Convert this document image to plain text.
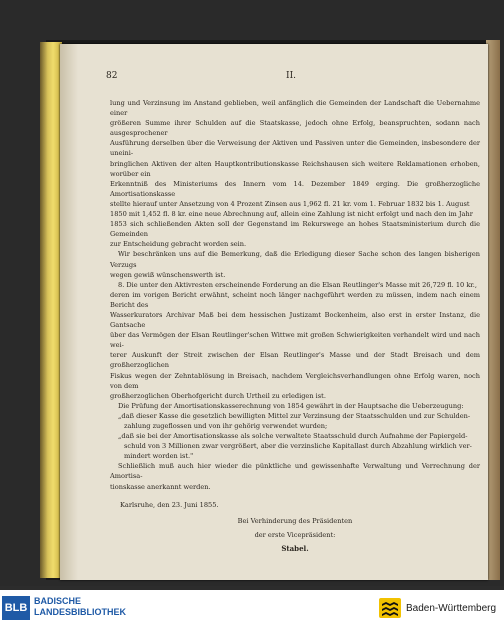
82	II.

lung und Verzinsung im Anstand geblieben, weil anfänglich die Gemeinden der Landschaft die Uebernahme einer
größeren Summe ihrer Schulden auf die Staatskasse, jedoch ohne Erfolg, beanspruchten, sodann nach ausgesprochener
Ausführung derselben über die Verweisung der Aktiven und Passiven unter die Gemeinden, insbesondere der uneini-
bringlichen Aktiven der alten Hauptkontributionskasse Reichshausen sich weitere Reklamationen erhoben, worüber ein
Erkenntniß des Ministeriums des Innern vom 14. Dezember 1849 erging. Die großherzogliche Amortisationskasse
stellte hierauf unter Ansetzung von 4 Prozent Zinsen aus 1,962 fl. 21 kr. vom 1. Februar 1832 bis 1. August
1850 mit 1,452 fl. 8 kr. eine neue Abrechnung auf, allein eine Zahlung ist nicht erfolgt und nach den im Jahr
1853 sich schließenden Akten soll der Gegenstand im Rekurswege an hohes Staatsministerium durch die Gemeinden
zur Entscheidung gebracht worden sein.

Wir beschränken uns auf die Bemerkung, daß die Erledigung dieser Sache schon des langen bisherigen Verzugs
wegen gewiß wünschenswerth ist.

8. Die unter den Aktivresten erscheinende Forderung an die Elsan Reutlinger's Masse mit 26,729 fl. 10 kr.,
deren im vorigen Bericht erwähnt, scheint noch länger nachgeführt werden zu müssen, indem nach einem Bericht des
Wasserkurators Archivar Maß bei dem hessischen Justizamt Bockenheim, also erst in erster Instanz, die Gantsache
über das Vermögen der Elsan Reutlinger'schen Wittwe mit großen Schwierigkeiten verhandelt wird und nach wei-
terer Auskunft der Streit zwischen der Elsan Reutlinger's Masse und der Stadt Breisach und dem großherzoglichen
Fiskus wegen der Zehntablösung in Breisach, nachdem Vergleichsverhandlungen ohne Erfolg waren, noch von dem
großherzoglichen Oberhofgericht durch Urtheil zu erledigen ist.

Die Prüfung der Amortisationskasserechnung von 1854 gewährt in der Hauptsache die Ueberzeugung:

„daß dieser Kasse die gesetzlich bewilligten Mittel zur Verzinsung der Staatsschulden und zur Schulden-
zahlung zugeflossen und von ihr gehörig verwendet wurden;

„daß sie bei der Amortisationskasse als solche verwaltete Staatsschuld durch Aufnahme der Papiergeld-
schuld von 3 Millionen zwar vergrößert, aber die verzinsliche Kapitallast durch Abzahlung wirklich ver-
mindert worden ist."

Schließlich muß auch hier wieder die pünktliche und gewissenhafte Verwaltung und Verrechnung der Amortisa-
tionskasse anerkannt werden.

Karlsruhe, den 23. Juni 1855.

Bei Verhinderung des Präsidenten

der erste Vicepräsident:

Stabel.

BLB
BADISCHE
LANDESBIBLIOTHEK	Baden-Württemberg
